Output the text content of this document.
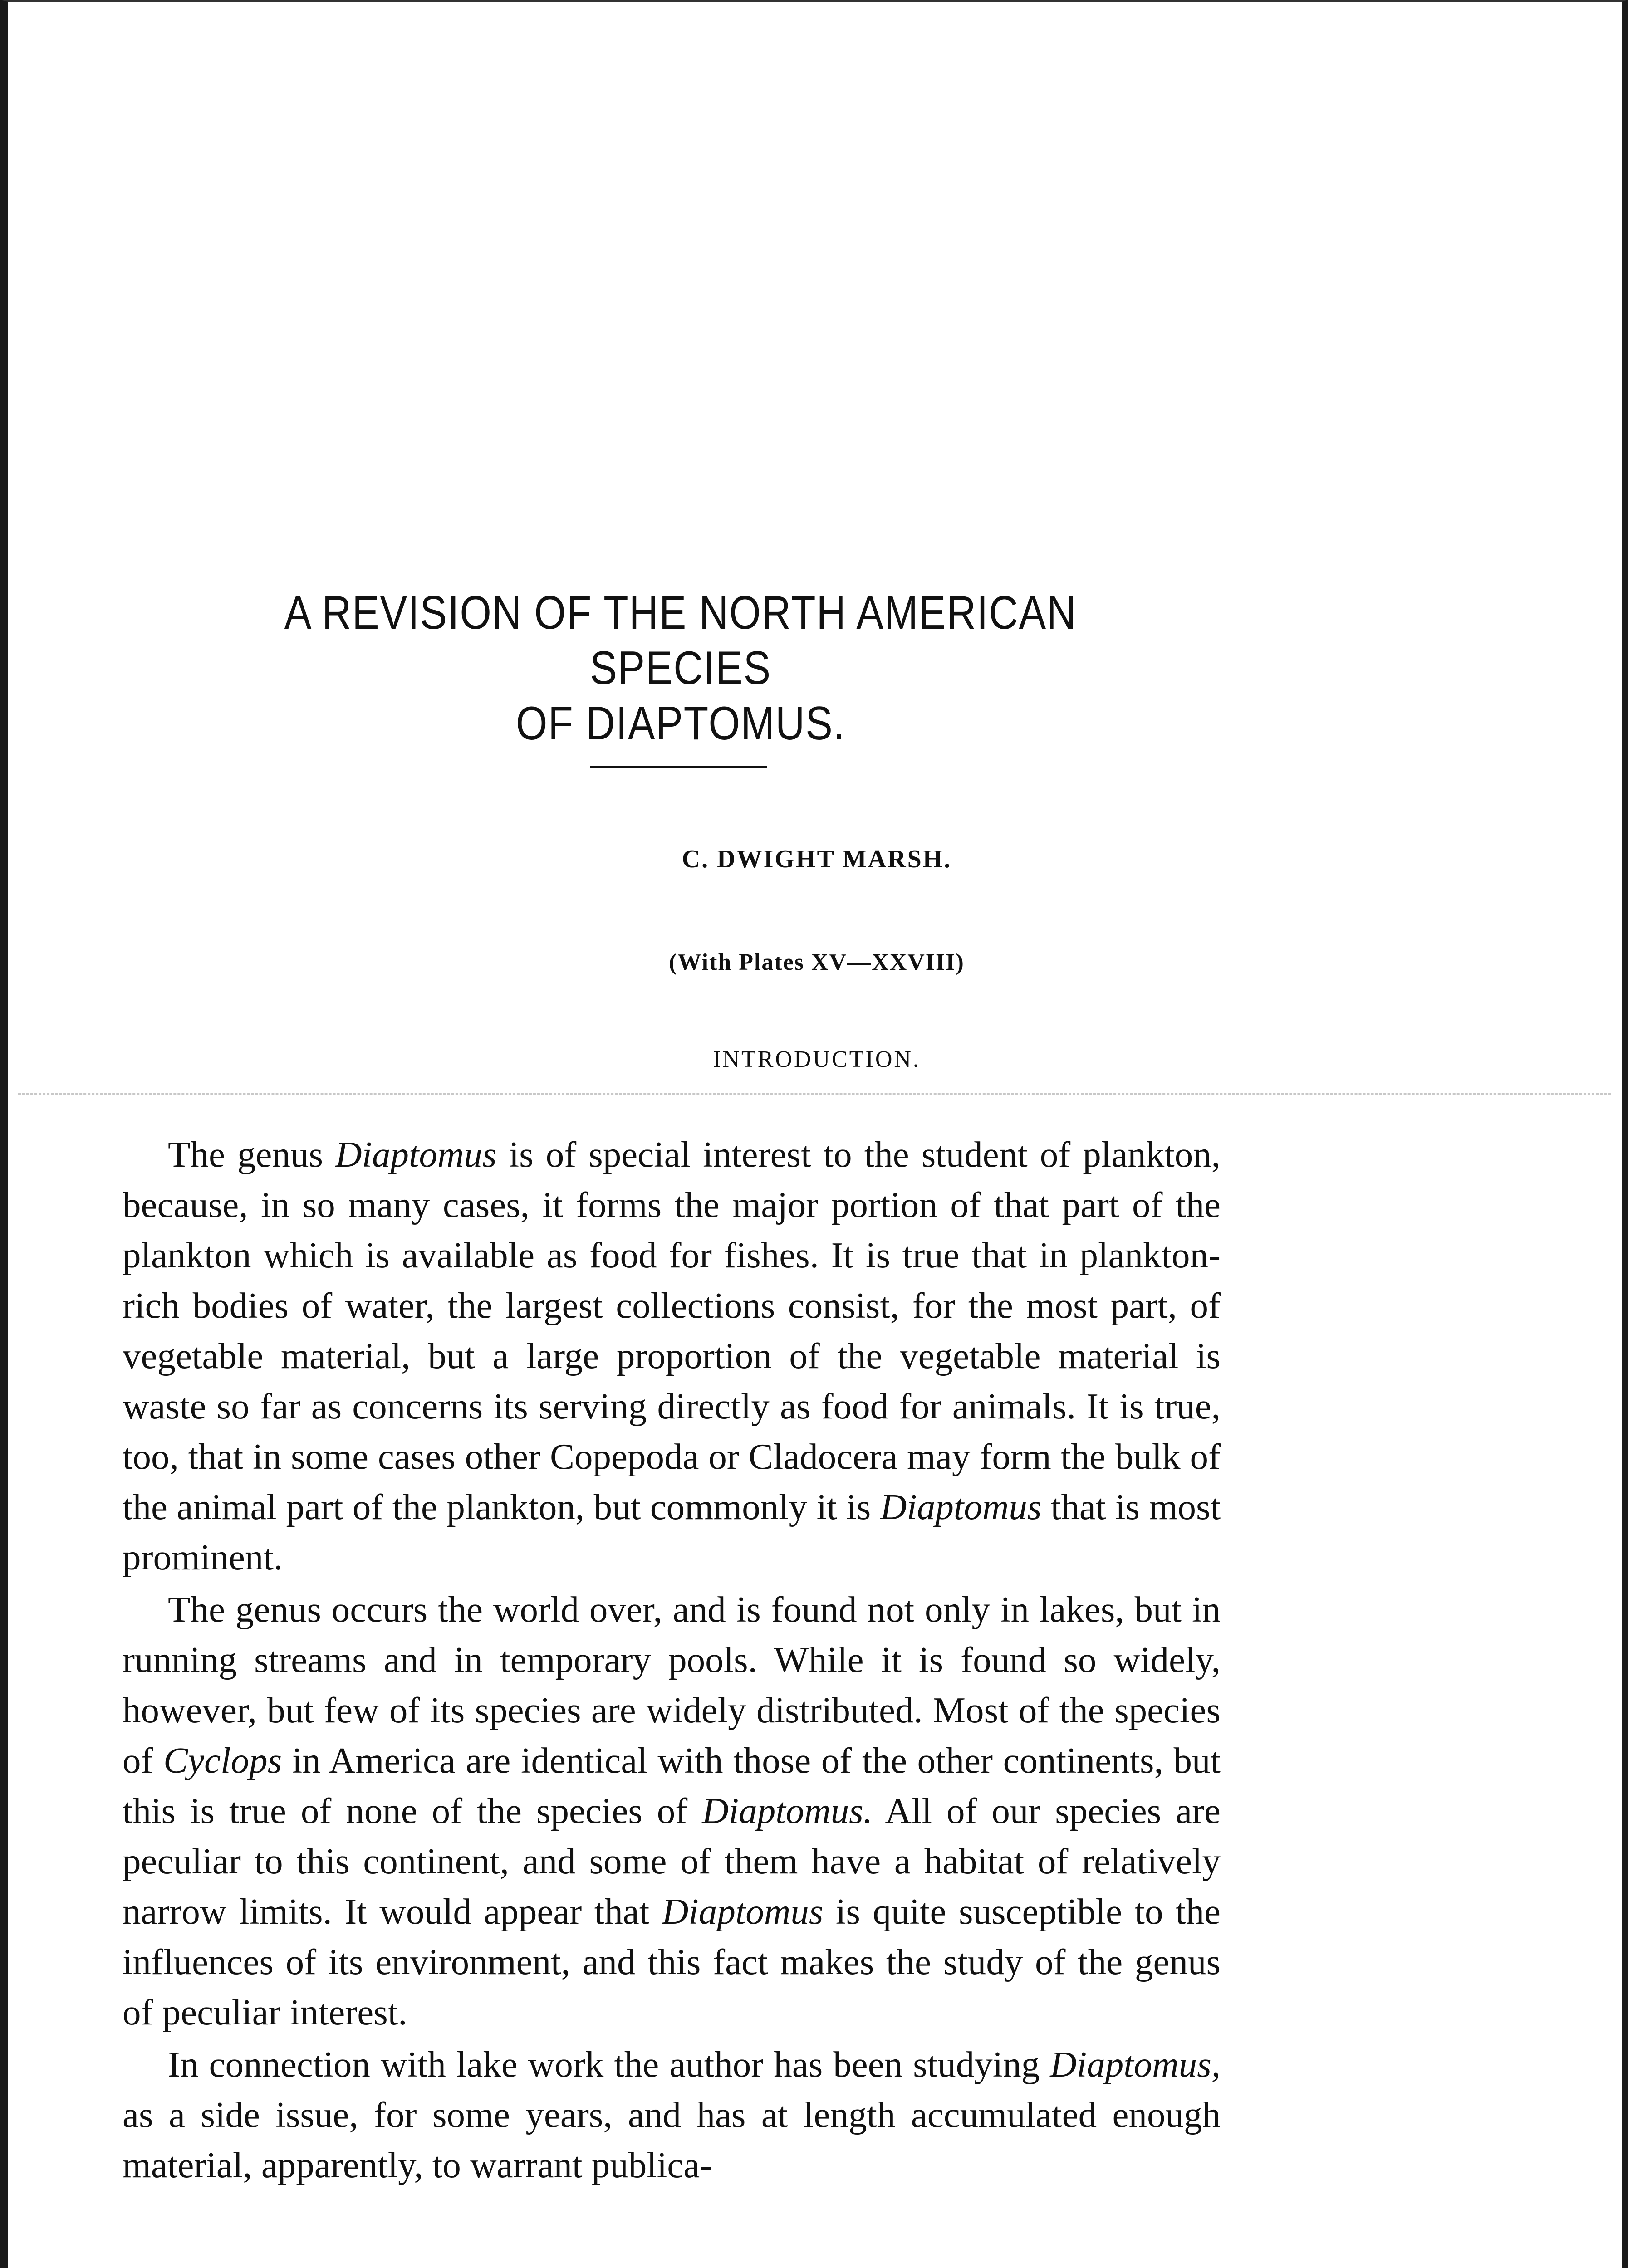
A REVISION OF THE NORTH AMERICAN SPECIES
OF DIAPTOMUS.
C. DWIGHT MARSH.
(With Plates XV—XXVIII)
INTRODUCTION.

The genus Diaptomus is of special interest to the student of plankton, because, in so many cases, it forms the major portion of that part of the plankton which is available as food for fishes. It is true that in plankton-rich bodies of water, the largest collections consist, for the most part, of vegetable material, but a large proportion of the vegetable material is waste so far as concerns its serving directly as food for animals. It is true, too, that in some cases other Copepoda or Cladocera may form the bulk of the animal part of the plankton, but commonly it is Diaptomus that is most prominent.

The genus occurs the world over, and is found not only in lakes, but in running streams and in temporary pools. While it is found so widely, however, but few of its species are widely distributed. Most of the species of Cyclops in America are identical with those of the other continents, but this is true of none of the species of Diaptomus. All of our species are peculiar to this continent, and some of them have a habitat of relatively narrow limits. It would appear that Diaptomus is quite susceptible to the influences of its environment, and this fact makes the study of the genus of peculiar interest.

In connection with lake work the author has been studying Diaptomus, as a side issue, for some years, and has at length accumulated enough material, apparently, to warrant publica-
